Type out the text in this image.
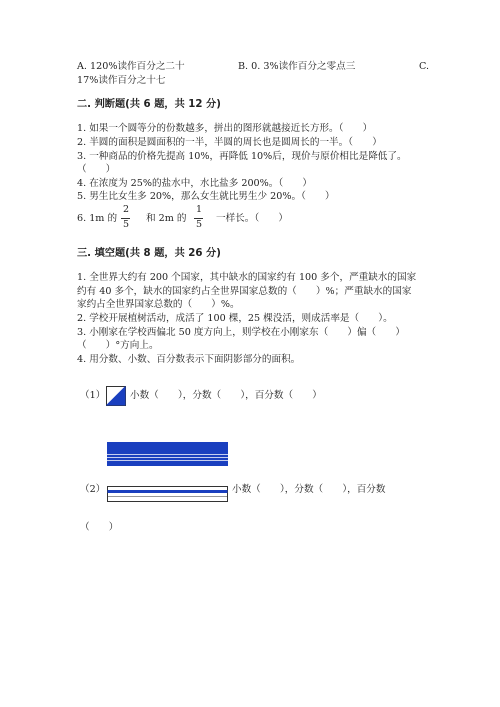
A. 120%读作百分之二十	B. 0. 3%读作百分之零点三	C.
17%读作百分之十七
二. 判断题(共 6 题，共 12 分)
1. 如果一个圆等分的份数越多，拼出的图形就越接近长方形。（　　）
2. 半圆的面积是圆面积的一半，半圆的周长也是圆周长的一半。（　　）
3. 一种商品的价格先提高 10%，再降低 10%后，现价与原价相比是降低了。
（　　）
4. 在浓度为 25%的盐水中，水比盐多 200%。（　　）
5. 男生比女生多 20%，那么女生就比男生少 20%。（　　）
6. 1m 的
2
5
和 2m 的
1
5
一样长。（　　）
三. 填空题(共 8 题，共 26 分)
1. 全世界大约有 200 个国家，其中缺水的国家约有 100 多个，严重缺水的国家
约有 40 多个，缺水的国家约占全世界国家总数的（　　）%；严重缺水的国家
家约占全世界国家总数的（　　）%。
2. 学校开展植树活动，成活了 100 棵，25 棵没活，则成活率是（　　）。
3. 小刚家在学校西偏北 50 度方向上，则学校在小刚家东（　　）偏（　　）
（　　）°方向上。
4. 用分数、小数、百分数表示下面阴影部分的面积。
（1）	小数（　　），分数（　　），百分数（　　）
（2）	小数（　　），分数（　　），百分数
（　　）
